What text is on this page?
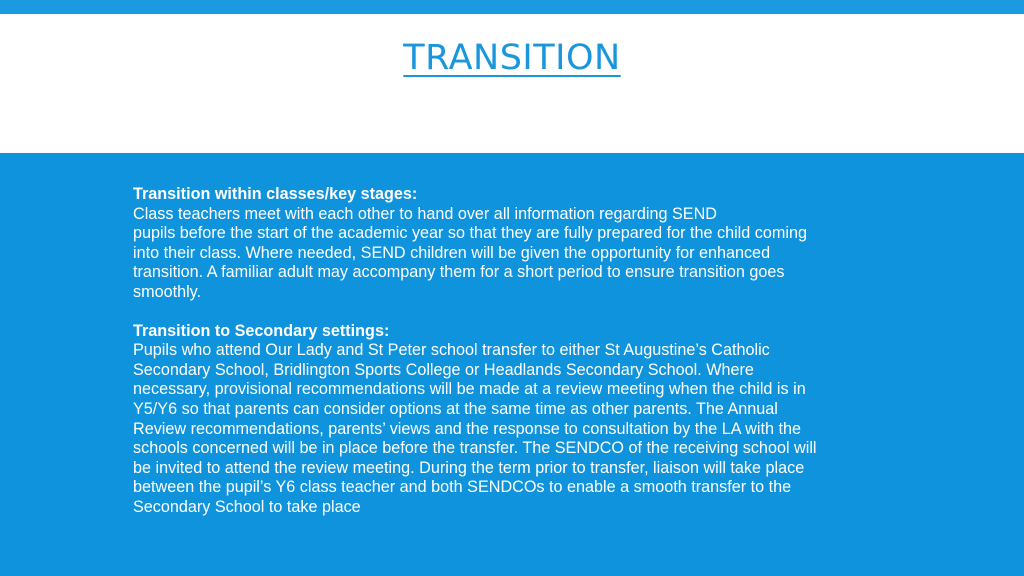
TRANSITION
Transition within classes/key stages:
Class teachers meet with each other to hand over all information regarding SEND
pupils before the start of the academic year so that they are fully prepared for the child coming
into their class. Where needed, SEND children will be given the opportunity for enhanced
transition. A familiar adult may accompany them for a short period to ensure transition goes
smoothly.
Transition to Secondary settings:
Pupils who attend Our Lady and St Peter school transfer to either St Augustine’s Catholic
Secondary School, Bridlington Sports College or Headlands Secondary School. Where
necessary, provisional recommendations will be made at a review meeting when the child is in
Y5/Y6 so that parents can consider options at the same time as other parents. The Annual
Review recommendations, parents’ views and the response to consultation by the LA with the
schools concerned will be in place before the transfer. The SENDCO of the receiving school will
be invited to attend the review meeting. During the term prior to transfer, liaison will take place
between the pupil’s Y6 class teacher and both SENDCOs to enable a smooth transfer to the
Secondary School to take place
